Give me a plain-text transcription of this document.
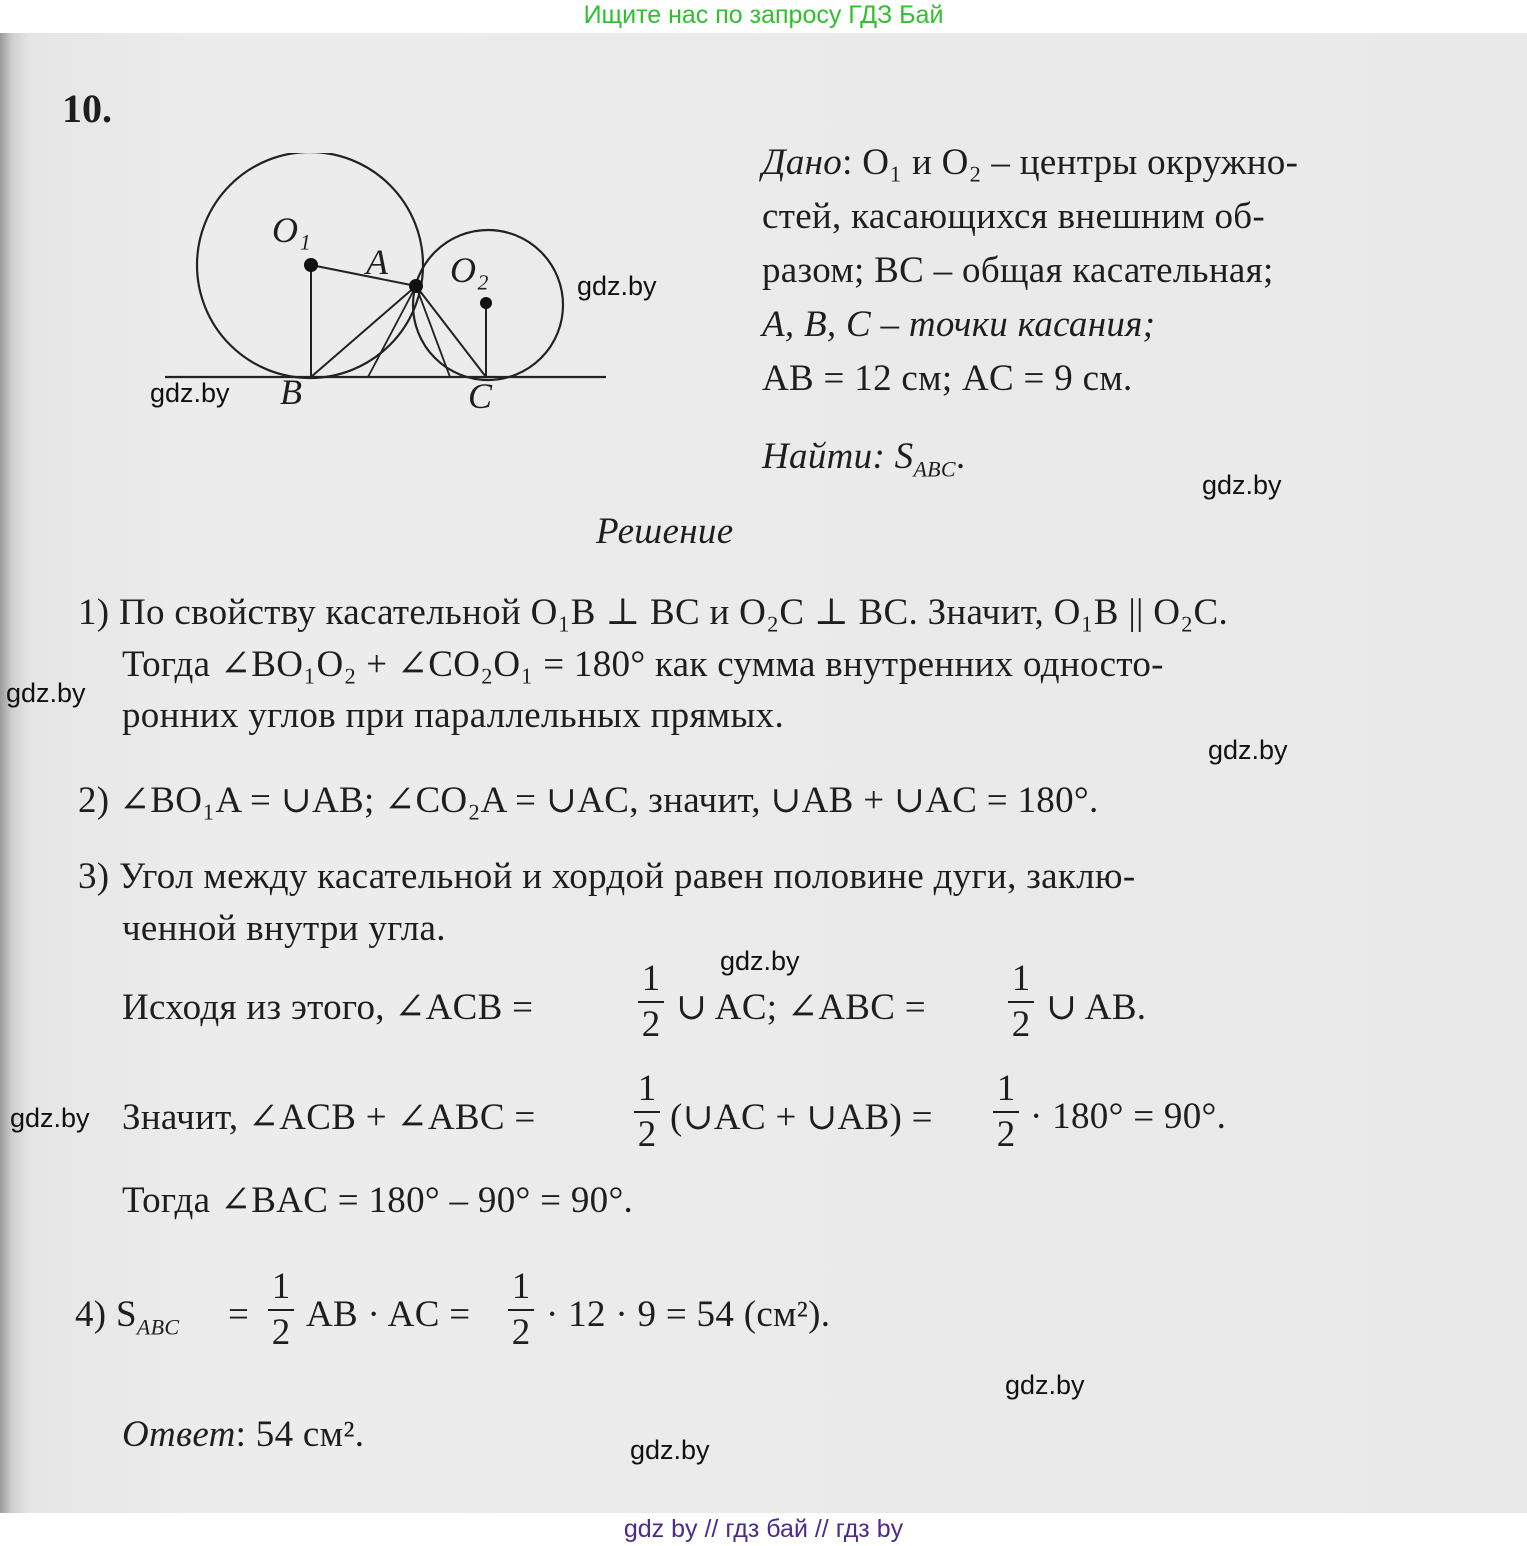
Ищите нас по запросу ГДЗ Бай
10.
O₁
A O₂
B	C
Дано: O₁ и O₂ – центры окружно-
стей, касающихся внешним об-
разом; BC – общая касательная;
A, B, C – точки касания;
AB = 12 см; AC = 9 см.
Найти: $S_{ABC}$.
Решение
1) По свойству касательной O₁B ⊥ BC и O₂C ⊥ BC. Значит, O₁B || O₂C.
Тогда ∠BO₁O₂ + ∠CO₂O₁ = 180° как сумма внутренних односто-
ронних углов при параллельных прямых.
2) ∠BO₁A = ∪AB; ∠CO₂A = ∪AC, значит, ∪AB + ∪AC = 180°.
3) Угол между касательной и хордой равен половине дуги, заклю-
ченной внутри угла.
Исходя из этого, ∠ACB =
1
2 ∪ AC; ∠ABC =
1
2 ∪ AB.
Значит, ∠ACB + ∠ABC =
1
2 (∪AC + ∪AB) =
1
2 · 180° = 90°.
Тогда ∠BAC = 180° – 90° = 90°.
4) $S_{ABC}$ =
1
2 AB · AC =
1
2 · 12 · 9 = 54 (см²).
Ответ: 54 см².
gdz.by
gdz.by
gdz.by
gdz.by
gdz.by
gdz.by
gdz.by
gdz.by
gdz.by
gdz by // гдз бай // гдз by
